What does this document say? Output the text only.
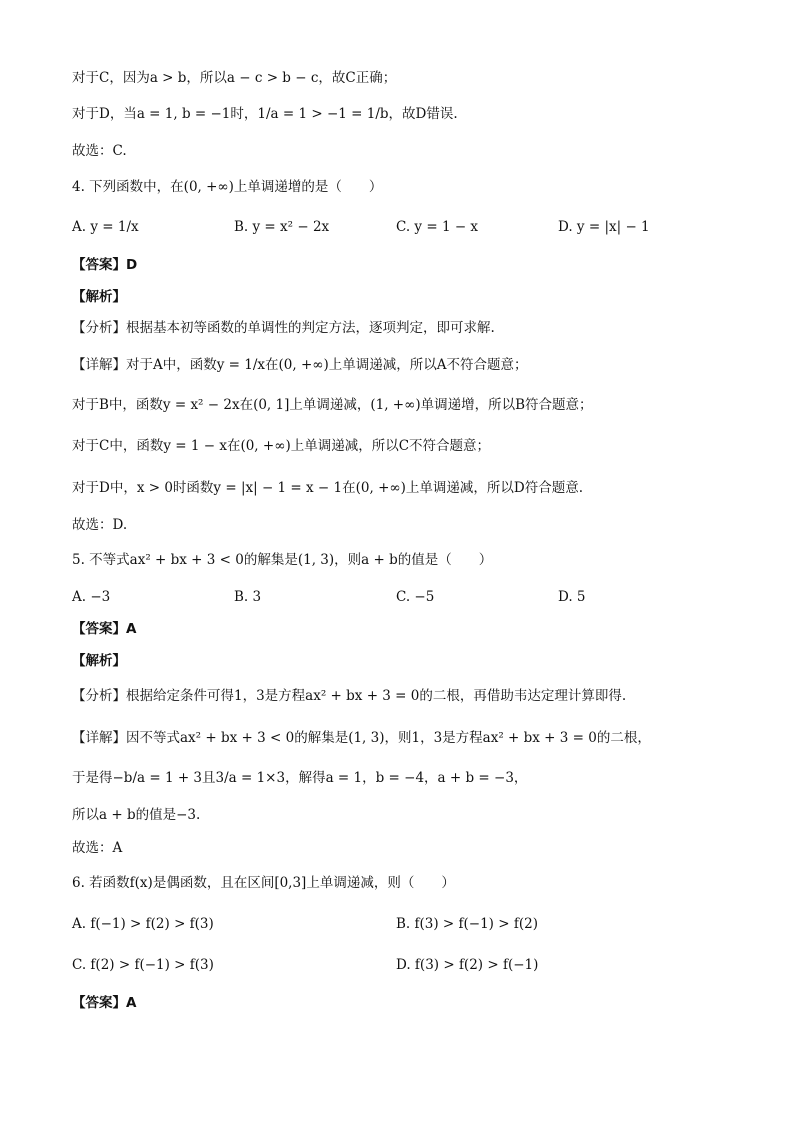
对于C，因为a > b，所以a − c > b − c，故C正确；
对于D，当a = 1, b = −1时，1/a = 1 > −1 = 1/b，故D错误.
故选：C.
4. 下列函数中，在(0, +∞)上单调递增的是（　　）
A. y = 1/x	B. y = x² − 2x	C. y = 1 − x	D. y = |x| − 1
【答案】D
【解析】
【分析】根据基本初等函数的单调性的判定方法，逐项判定，即可求解.
【详解】对于A中，函数y = 1/x在(0, +∞)上单调递减，所以A不符合题意；
对于B中，函数y = x² − 2x在(0, 1]上单调递减，(1, +∞)单调递增，所以B符合题意；
对于C中，函数y = 1 − x在(0, +∞)上单调递减，所以C不符合题意；
对于D中，x > 0时函数y = |x| − 1 = x − 1在(0, +∞)上单调递减，所以D符合题意.
故选：D.
5. 不等式ax² + bx + 3 < 0的解集是(1, 3)，则a + b的值是（　　）
A. −3	B. 3	C. −5	D. 5
【答案】A
【解析】
【分析】根据给定条件可得1，3是方程ax² + bx + 3 = 0的二根，再借助韦达定理计算即得.
【详解】因不等式ax² + bx + 3 < 0的解集是(1, 3)，则1，3是方程ax² + bx + 3 = 0的二根，
于是得−b/a = 1 + 3且3/a = 1×3，解得a = 1，b = −4，a + b = −3，
所以a + b的值是−3.
故选：A
6. 若函数f(x)是偶函数，且在区间[0,3]上单调递减，则（　　）
A. f(−1) > f(2) > f(3)	B. f(3) > f(−1) > f(2)
C. f(2) > f(−1) > f(3)	D. f(3) > f(2) > f(−1)
【答案】A
